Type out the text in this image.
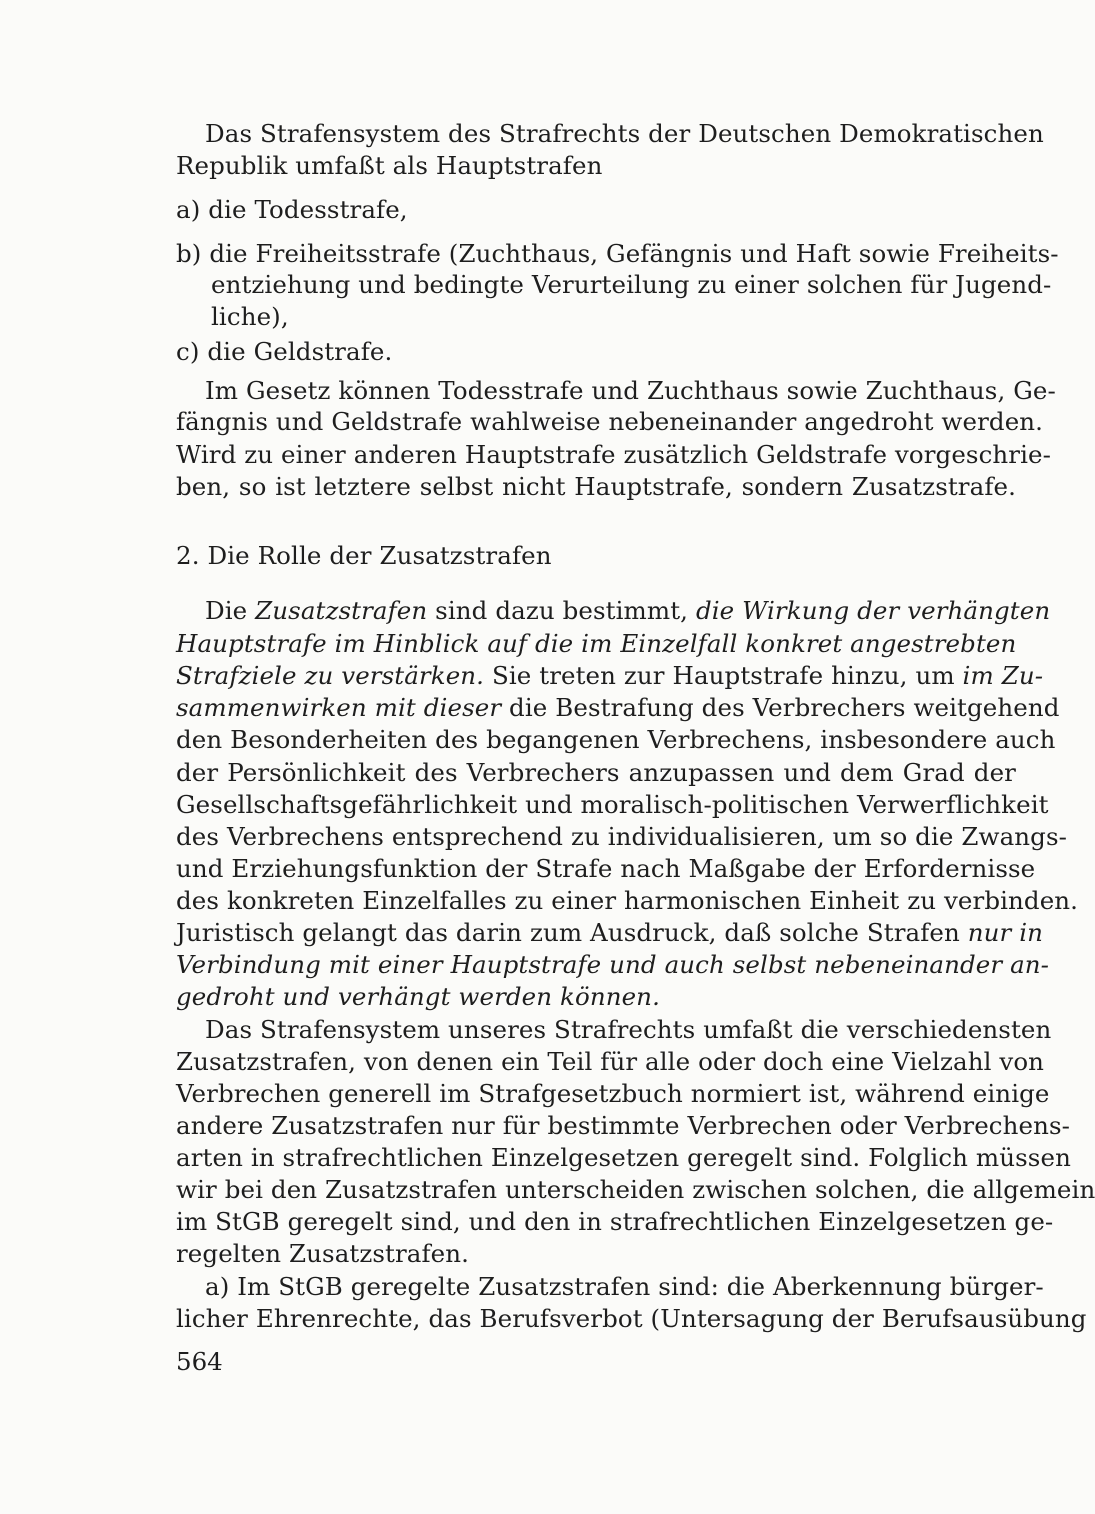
Das Strafensystem des Strafrechts der Deutschen Demokratischen
Republik umfaßt als Hauptstrafen
a) die Todesstrafe,
b) die Freiheitsstrafe (Zuchthaus, Gefängnis und Haft sowie Freiheits-
entziehung und bedingte Verurteilung zu einer solchen für Jugend-
liche),
c) die Geldstrafe.
Im Gesetz können Todesstrafe und Zuchthaus sowie Zuchthaus, Ge-
fängnis und Geldstrafe wahlweise nebeneinander angedroht werden.
Wird zu einer anderen Hauptstrafe zusätzlich Geldstrafe vorgeschrie-
ben, so ist letztere selbst nicht Hauptstrafe, sondern Zusatzstrafe.
2. Die Rolle der Zusatzstrafen
Die Zusatzstrafen sind dazu bestimmt, die Wirkung der verhängten
Hauptstrafe im Hinblick auf die im Einzelfall konkret angestrebten
Strafziele zu verstärken. Sie treten zur Hauptstrafe hinzu, um im Zu-
sammenwirken mit dieser die Bestrafung des Verbrechers weitgehend
den Besonderheiten des begangenen Verbrechens, insbesondere auch
der Persönlichkeit des Verbrechers anzupassen und dem Grad der
Gesellschaftsgefährlichkeit und moralisch-politischen Verwerflichkeit
des Verbrechens entsprechend zu individualisieren, um so die Zwangs-
und Erziehungsfunktion der Strafe nach Maßgabe der Erfordernisse
des konkreten Einzelfalles zu einer harmonischen Einheit zu verbinden.
Juristisch gelangt das darin zum Ausdruck, daß solche Strafen nur in
Verbindung mit einer Hauptstrafe und auch selbst nebeneinander an-
gedroht und verhängt werden können.
Das Strafensystem unseres Strafrechts umfaßt die verschiedensten
Zusatzstrafen, von denen ein Teil für alle oder doch eine Vielzahl von
Verbrechen generell im Strafgesetzbuch normiert ist, während einige
andere Zusatzstrafen nur für bestimmte Verbrechen oder Verbrechens-
arten in strafrechtlichen Einzelgesetzen geregelt sind. Folglich müssen
wir bei den Zusatzstrafen unterscheiden zwischen solchen, die allgemein
im StGB geregelt sind, und den in strafrechtlichen Einzelgesetzen ge-
regelten Zusatzstrafen.
a) Im StGB geregelte Zusatzstrafen sind: die Aberkennung bürger-
licher Ehrenrechte, das Berufsverbot (Untersagung der Berufsausübung
564
